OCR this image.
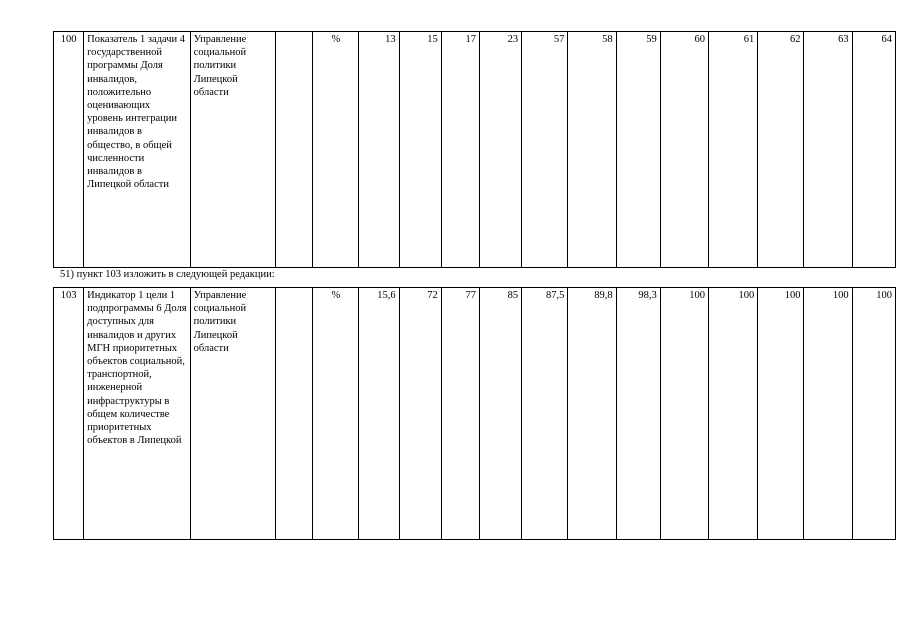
100	Показатель 1 задачи 4 государственной программы Доля инвалидов, положительно оценивающих уровень интеграции инвалидов в общество, в общей численности инвалидов в Липецкой области	Управление социальной политики Липецкой области		%	13	15	17	23	57	58	59	60	61	62	63	64
51) пункт 103 изложить в следующей редакции:
103	Индикатор 1 цели 1 подпрограммы 6 Доля доступных для инвалидов и других МГН приоритетных объектов социальной, транспортной, инженерной инфраструктуры в общем количестве приоритетных объектов в Липецкой	Управление социальной политики Липецкой области		%	15,6	72	77	85	87,5	89,8	98,3	100	100	100	100	100
